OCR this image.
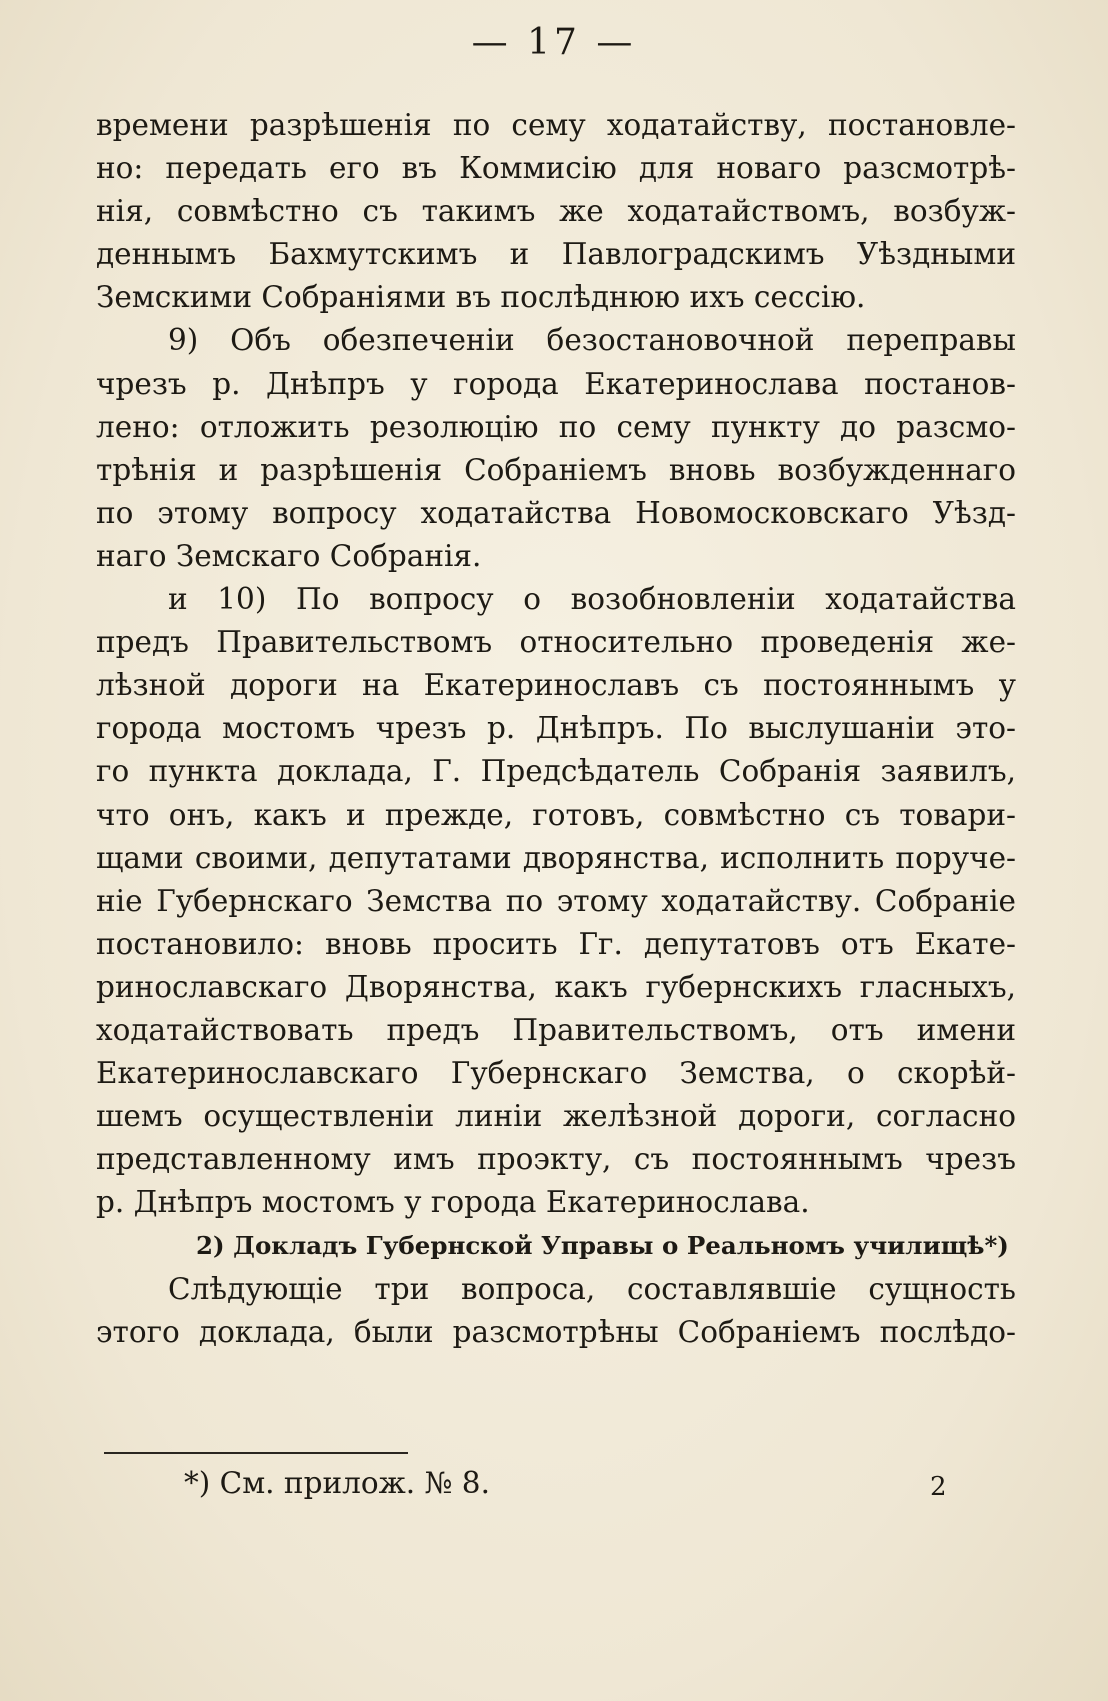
— 17 —
времени разрѣшенія по сему ходатайству, постановле-
но: передать его въ Коммисію для новаго разсмотрѣ-
нія, совмѣстно съ такимъ же ходатайствомъ, возбуж-
деннымъ Бахмутскимъ и Павлоградскимъ Уѣздными
Земскими Собраніями въ послѣднюю ихъ сессію.
9) Объ обезпеченіи безостановочной переправы
чрезъ р. Днѣпръ у города Екатеринослава постанов-
лено: отложить резолюцію по сему пункту до разсмо-
трѣнія и разрѣшенія Собраніемъ вновь возбужденнаго
по этому вопросу ходатайства Новомосковскаго Уѣзд-
наго Земскаго Собранія.
и 10) По вопросу о возобновленіи ходатайства
предъ Правительствомъ относительно проведенія же-
лѣзной дороги на Екатеринославъ съ постояннымъ у
города мостомъ чрезъ р. Днѣпръ. По выслушаніи это-
го пункта доклада, Г. Предсѣдатель Собранія заявилъ,
что онъ, какъ и прежде, готовъ, совмѣстно съ товари-
щами своими, депутатами дворянства, исполнить поруче-
ніе Губернскаго Земства по этому ходатайству. Собраніе
постановило: вновь просить Гг. депутатовъ отъ Екате-
ринославскаго Дворянства, какъ губернскихъ гласныхъ,
ходатайствовать предъ Правительствомъ, отъ имени
Екатеринославскаго Губернскаго Земства, о скорѣй-
шемъ осуществленіи линіи желѣзной дороги, согласно
представленному имъ проэкту, съ постояннымъ чрезъ
р. Днѣпръ мостомъ у города Екатеринослава.
2) Докладъ Губернской Управы о Реальномъ училищѣ*)
Слѣдующіе три вопроса, составлявшіе сущность
этого доклада, были разсмотрѣны Собраніемъ послѣдо-
*) См. прилож. № 8.	2
